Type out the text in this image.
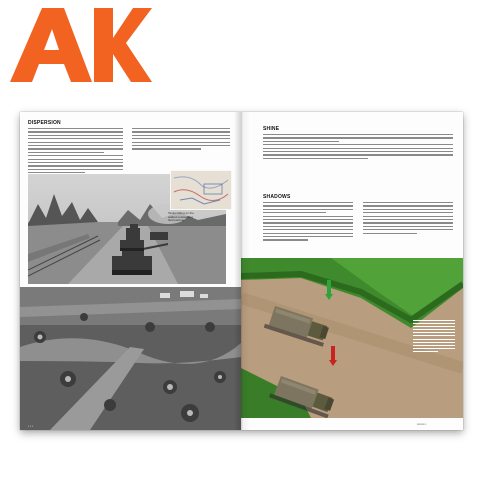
DISPERSION
· · ·
Tanks rolling on the stalled outstanding field parking.
▪ ▪ ▪
SHINE
SHADOWS
▪▪▪▪▪▪▪ ▪
